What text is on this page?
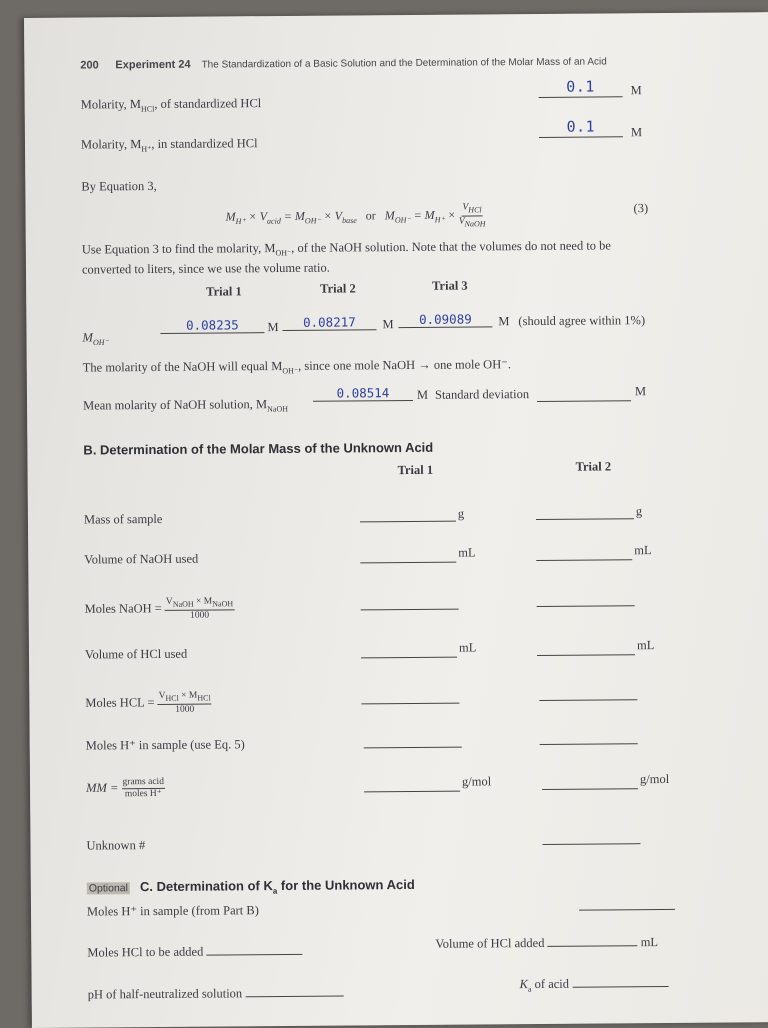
200 Experiment 24 The Standardization of a Basic Solution and the Determination of the Molar Mass of an Acid
Molarity, $M_{HCl}$, of standardized HCl
0.1	M
Molarity, $M_{H^+}$, in standardized HCl
0.1	M
By Equation 3,
$M_{H^+} \times V_{acid} = M_{OH^-} \times V_{base}$ or   $M_{OH^-} = M_{H^+} \times \frac{V_{HCl}}{V_{NaOH}}$	(3)
Use Equation 3 to find the molarity, $M_{OH^-}$, of the NaOH solution. Note that the volumes do not need to be
converted to liters, since we use the volume ratio.
Trial 1	Trial 2	Trial 3
$M_{OH^-}$
0.08235	M	0.08217	M	0.09089	M (should agree within 1%)
The molarity of the NaOH will equal $M_{OH^-}$, since one mole NaOH → one mole OH⁻.
Mean molarity of NaOH solution, $M_{NaOH}$
0.08514	M Standard deviation	M
B. Determination of the Molar Mass of the Unknown Acid
Trial 1	Trial 2
Mass of sample	g	g
Volume of NaOH used	mL	mL
Moles NaOH = $\frac{V_{NaOH} \times M_{NaOH}}{1000}$
Volume of HCl used	mL	mL
Moles HCL = $\frac{V_{HCl} \times M_{HCl}}{1000}$
Moles H⁺ in sample (use Eq. 5)
MM = $\frac{\text{grams acid}}{\text{moles H⁺}}$	g/mol	g/mol
Unknown #
Optional C. Determination of $K_a$ for the Unknown Acid
Moles H⁺ in sample (from Part B)
Moles HCl to be added
Volume of HCl added	mL
pH of half-neutralized solution
$K_a$ of acid
